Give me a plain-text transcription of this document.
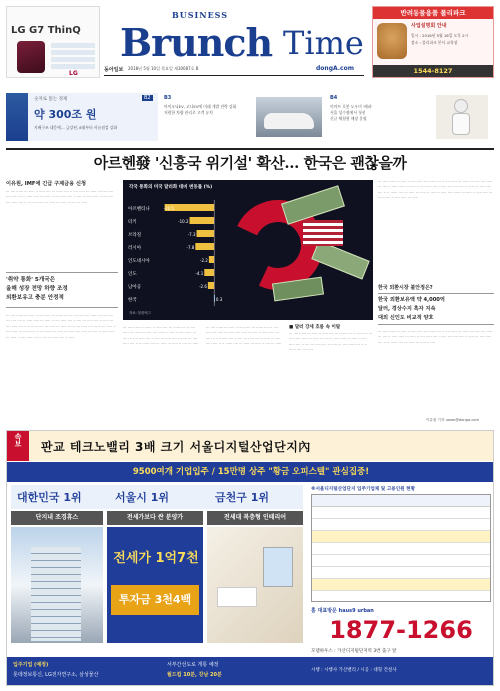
LG G7 ThinQ
LG
BUSINESS
Brunch Time
동아일보 2018년 5월 10일 목요일 제30087호 B	dongA.com
반려동물용품 폴리파크
사업설명회 안내
일시 : 2018년 5월 16일 오후 2시
장소 : 폴리파크 본사 교육장
1544-8127
숫자로 읽는 경제	B2
약 300조 원
지배구조 대응에… 금강된, 8월부터 사유점검 강화
B3
아이오닉EV, 코나EV에 미래 개발 전략 강화
저렴한 차량 관리로 고객 유치
B4
이마트 로봇 도우미 '페퍼'
서울 성수점에서 첫선
신규 체험형 매장 운영
아르헨發 '신흥국 위기설' 확산… 한국은 괜찮을까
이유원, IMF에 긴급 구제금융 신청
··· ···· ······ ··· ····· ·· ····· ···· ··· ······ ···· ·· ···· ····· ··· ····· ···· ···· ···· ····· ··· ···· ·· ····· ····· ··· ····· ·· ···· ····· ···· ·· ···· ··· ····· ···· ·· ····· ··· ···· ····· ···· ·· ·· ······ ···· ··· ····· ··· ····· ·· ···· ··· ·····
'취약 통화' 5개국은
올해 성장 전망 하향 조정
외환보유고 충분 안정적
··· ···· ······ ··· ····· ·· ····· ···· ··· ······ ···· ·· ···· ····· ··· ····· ···· ···· ···· ····· ··· ···· ·· ····· ····· ··· ····· ·· ···· ····· ···· ·· ···· ··· ····· ···· ·· ····· ··· ···· ····· ···· ·· ·· ······ ···· ··· ····· ··· ····· ·· ···· ··· ····· ···· ······ ··· ····· ·· ····· ···· ··· ······ ···· ·· ···· ····· ··· ····· ···· ···· ···· ····· ··· ···· ·· ····· ····· ··· ····· ·· ···· ····· ···· ·· ···· ··· ····· ···· ·· ·····
각국 통화의 미국 달러화 대비 변동률 (%)
아르헨티나	-20.5
터키	-10.2
브라질	-7.3
러시아	-7.8
인도네시아	-2.2
인도	-4.1
남아공	-2.6
한국	0.3
자료: 블룸버그
··· ···· ······ ··· ····· ·· ····· ···· ··· ······ ···· ·· ···· ····· ··· ····· ···· ···· ···· ····· ··· ···· ·· ····· ····· ··· ····· ·· ···· ····· ···· ·· ···· ··· ····· ···· ·· ····· ··· ···· ····· ···· ·· ·· ······ ···· ··· ····· ··· ····· ·· ···· ··· ·····
··· ···· ······ ··· ····· ·· ····· ···· ··· ······ ···· ·· ···· ····· ··· ····· ···· ···· ···· ····· ··· ···· ·· ····· ····· ··· ····· ·· ···· ····· ···· ·· ···· ··· ····· ···· ·· ····· ··· ···· ····· ···· ·· ·· ······ ···· ··· ····· ··· ····· ·· ···· ··· ·····
■ 달러 강세 흐름 속 이탈
··· ···· ······ ··· ····· ·· ····· ···· ··· ······ ···· ·· ···· ····· ··· ····· ···· ···· ···· ····· ··· ···· ·· ····· ····· ··· ····· ·· ···· ····· ···· ·· ···· ··· ····· ···· ·· ····· ··· ···· ····· ···· ·· ·· ······ ···· ··· ·····
··· ···· ······ ··· ····· ·· ····· ···· ··· ······ ···· ·· ···· ····· ··· ····· ···· ···· ···· ····· ··· ···· ·· ····· ····· ··· ····· ·· ···· ····· ···· ·· ···· ··· ····· ···· ·· ····· ··· ···· ····· ···· ·· ·· ······ ···· ··· ····· ··· ····· ·· ···· ··· ····· ···· ······ ··· ····· ·· ····· ···· ··· ······ ···· ·· ···· ····· ··· ·····
한국 외환시장 불안정은?
한국 외환보유액 약 4,000억
달러, 경상수지 흑자 지속
대외 신인도 비교적 양호
··· ···· ······ ··· ····· ·· ····· ···· ··· ······ ···· ·· ···· ····· ··· ····· ···· ···· ···· ····· ··· ···· ·· ····· ····· ··· ····· ·· ···· ····· ···· ·· ···· ··· ····· ···· ·· ····· ··· ···· ····· ···· ·· ·· ······ ···· ··· ····· ··· ····· ·· ····
이유원 기자 uwon@donga.com
속보 판교 테크노밸리 3배 크기 서울디지털산업단지內
9500여개 기업입주 / 15만명 상주 "황금 오피스텔" 관심집중!
대한민국 1위	서울시 1위	금천구 1위
단지내 조경휴스	전세가보다 싼 분양가	전세대 복층형 인테리어
전세가 1억7천
투자금 3천4백
※서울디지털산업단지 입주기업체 및 고용인원 현황
홈 대표방문 haus9 urban
1877-1266
모델하우스 : 가산디지털단지역 3번 출구 앞
입주기업 (예정)
롯데정보통신, LG전자연구소, 삼성물산
서부간선도로 개통 예정
월드컵 10분, 강남 20분
시행 : 시행사 가산밸리 / 시공 : 대형 건설사
